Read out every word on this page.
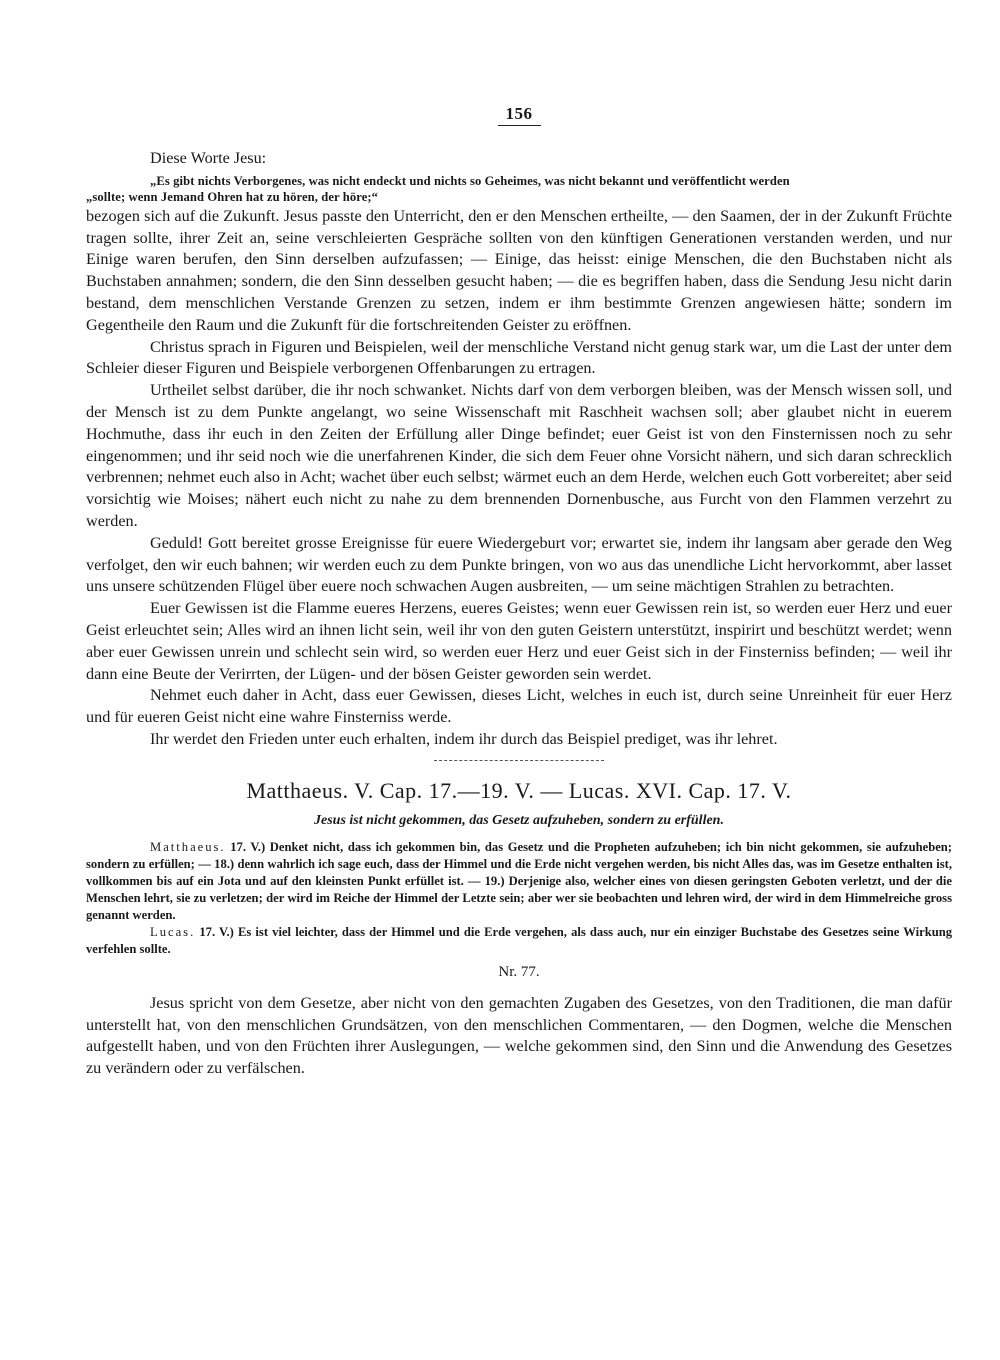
156

Diese Worte Jesu:

„Es gibt nichts Verborgenes, was nicht endeckt und nichts so Geheimes, was nicht bekannt und veröffentlicht werden

„sollte; wenn Jemand Ohren hat zu hören, der höre;“

bezogen sich auf die Zukunft. Jesus passte den Unterricht, den er den Menschen ertheilte, — den Saamen, der in der Zukunft Früchte tragen sollte, ihrer Zeit an, seine verschleierten Gespräche sollten von den künftigen Generationen verstanden werden, und nur Einige waren berufen, den Sinn derselben aufzufassen; — Einige, das heisst: einige Menschen, die den Buchstaben nicht als Buchstaben annahmen; sondern, die den Sinn desselben gesucht haben; — die es begriffen haben, dass die Sendung Jesu nicht darin bestand, dem menschlichen Verstande Grenzen zu setzen, indem er ihm bestimmte Grenzen angewiesen hätte; sondern im Gegentheile den Raum und die Zukunft für die fortschreitenden Geister zu eröffnen.

Christus sprach in Figuren und Beispielen, weil der menschliche Verstand nicht genug stark war, um die Last der unter dem Schleier dieser Figuren und Beispiele verborgenen Offenbarungen zu ertragen.

Urtheilet selbst darüber, die ihr noch schwanket. Nichts darf von dem verborgen bleiben, was der Mensch wissen soll, und der Mensch ist zu dem Punkte angelangt, wo seine Wissenschaft mit Raschheit wachsen soll; aber glaubet nicht in euerem Hochmuthe, dass ihr euch in den Zeiten der Erfüllung aller Dinge befindet; euer Geist ist von den Finsternissen noch zu sehr eingenommen; und ihr seid noch wie die unerfahrenen Kinder, die sich dem Feuer ohne Vorsicht nähern, und sich daran schrecklich verbrennen; nehmet euch also in Acht; wachet über euch selbst; wärmet euch an dem Herde, welchen euch Gott vorbereitet; aber seid vorsichtig wie Moises; nähert euch nicht zu nahe zu dem brennenden Dornenbusche, aus Furcht von den Flammen verzehrt zu werden.

Geduld! Gott bereitet grosse Ereignisse für euere Wiedergeburt vor; erwartet sie, indem ihr langsam aber gerade den Weg verfolget, den wir euch bahnen; wir werden euch zu dem Punkte bringen, von wo aus das unendliche Licht hervorkommt, aber lasset uns unsere schützenden Flügel über euere noch schwachen Augen ausbreiten, — um seine mächtigen Strahlen zu betrachten.

Euer Gewissen ist die Flamme eueres Herzens, eueres Geistes; wenn euer Gewissen rein ist, so werden euer Herz und euer Geist erleuchtet sein; Alles wird an ihnen licht sein, weil ihr von den guten Geistern unterstützt, inspirirt und beschützt werdet; wenn aber euer Gewissen unrein und schlecht sein wird, so werden euer Herz und euer Geist sich in der Finsterniss befinden; — weil ihr dann eine Beute der Verirrten, der Lügen- und der bösen Geister geworden sein werdet.

Nehmet euch daher in Acht, dass euer Gewissen, dieses Licht, welches in euch ist, durch seine Unreinheit für euer Herz und für eueren Geist nicht eine wahre Finsterniss werde.

Ihr werdet den Frieden unter euch erhalten, indem ihr durch das Beispiel prediget, was ihr lehret.

Matthaeus. V. Cap. 17.—19. V. — Lucas. XVI. Cap. 17. V.
Jesus ist nicht gekommen, das Gesetz aufzuheben, sondern zu erfüllen.

Matthaeus. 17. V.) Denket nicht, dass ich gekommen bin, das Gesetz und die Propheten aufzuheben; ich bin nicht gekommen, sie aufzuheben; sondern zu erfüllen; — 18.) denn wahrlich ich sage euch, dass der Himmel und die Erde nicht vergehen werden, bis nicht Alles das, was im Gesetze enthalten ist, vollkommen bis auf ein Jota und auf den kleinsten Punkt erfüllet ist. — 19.) Derjenige also, welcher eines von diesen geringsten Geboten verletzt, und der die Menschen lehrt, sie zu verletzen; der wird im Reiche der Himmel der Letzte sein; aber wer sie beobachten und lehren wird, der wird in dem Himmelreiche gross genannt werden.

Lucas. 17. V.) Es ist viel leichter, dass der Himmel und die Erde vergehen, als dass auch, nur ein einziger Buchstabe des Gesetzes seine Wirkung verfehlen sollte.

Nr. 77.

Jesus spricht von dem Gesetze, aber nicht von den gemachten Zugaben des Gesetzes, von den Traditionen, die man dafür unterstellt hat, von den menschlichen Grundsätzen, von den menschlichen Commentaren, — den Dogmen, welche die Menschen aufgestellt haben, und von den Früchten ihrer Auslegungen, — welche gekommen sind, den Sinn und die Anwendung des Gesetzes zu verändern oder zu verfälschen.
